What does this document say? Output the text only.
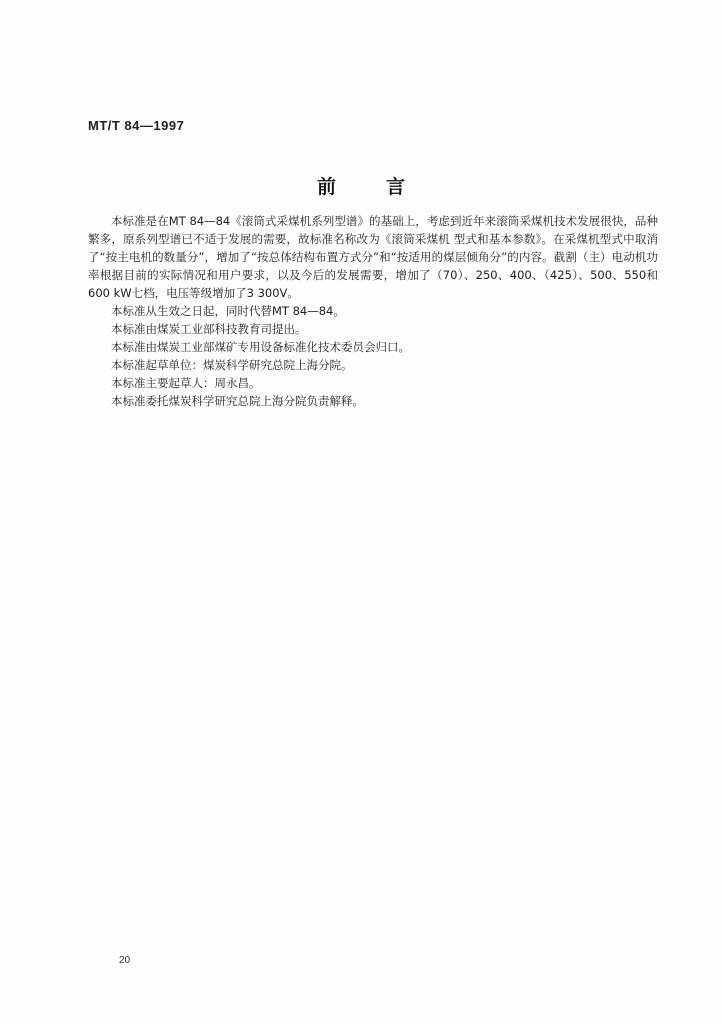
MT/T 84—1997
前	言

本标准是在MT 84—84《滚筒式采煤机系列型谱》的基础上，考虑到近年来滚筒采煤机技术发展很快，品种繁多，原系列型谱已不适于发展的需要，故标准名称改为《滚筒采煤机 型式和基本参数》。在采煤机型式中取消了“按主电机的数量分”，增加了“按总体结构布置方式分”和“按适用的煤层倾角分”的内容。截割（主）电动机功率根据目前的实际情况和用户要求，以及今后的发展需要，增加了（70）、250、400、（425）、500、550和600 kW七档，电压等级增加了3 300V。

本标准从生效之日起，同时代替MT 84—84。

本标准由煤炭工业部科技教育司提出。

本标准由煤炭工业部煤矿专用设备标准化技术委员会归口。

本标准起草单位：煤炭科学研究总院上海分院。

本标准主要起草人：周永昌。

本标准委托煤炭科学研究总院上海分院负责解释。

20
